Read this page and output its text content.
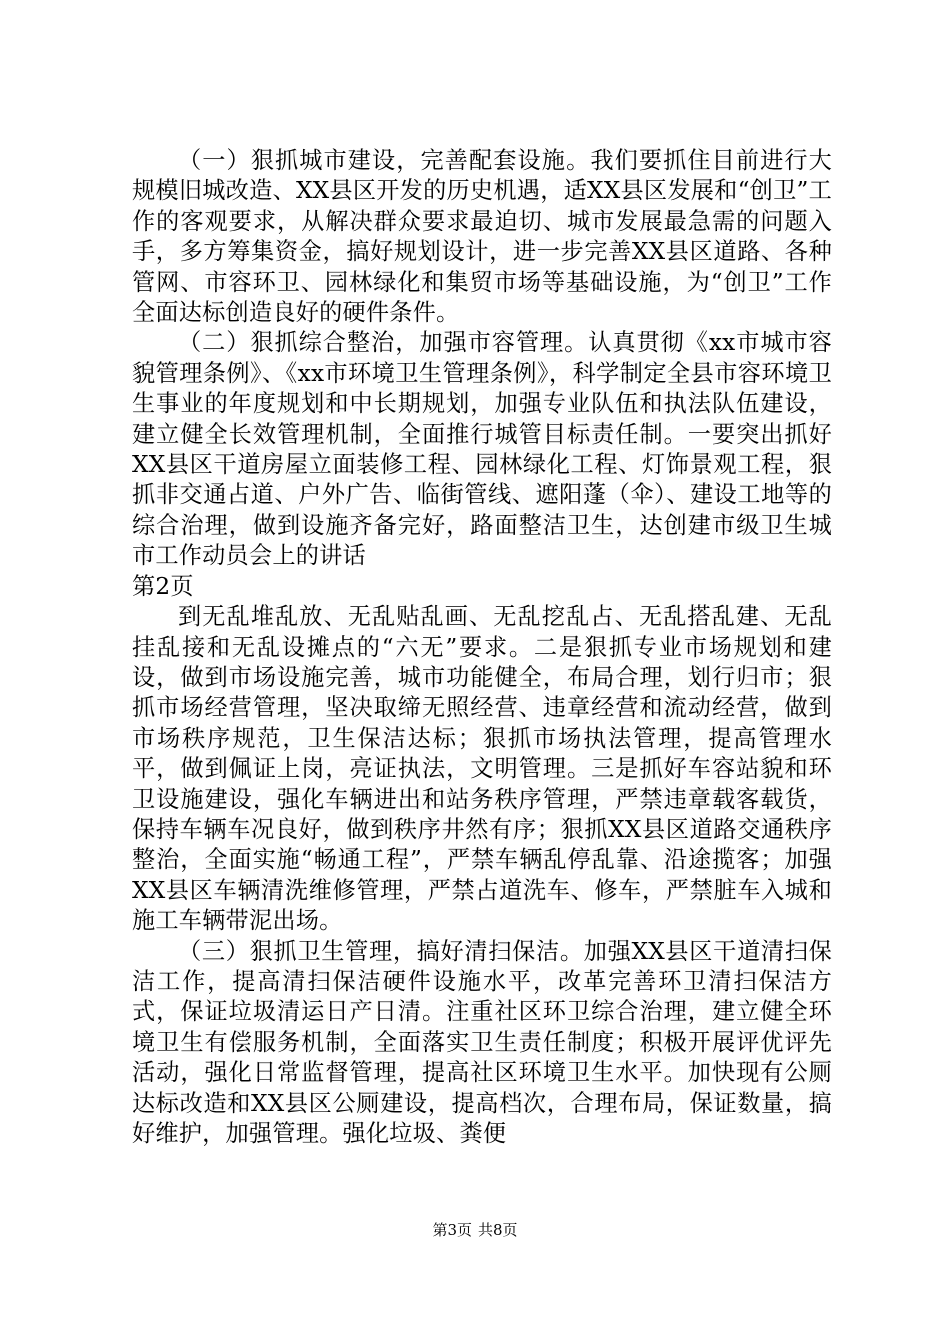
（一）狠抓城市建设，完善配套设施。我们要抓住目前进行大规模旧城改造、XX县区开发的历史机遇，适XX县区发展和“创卫”工作的客观要求，从解决群众要求最迫切、城市发展最急需的问题入手，多方筹集资金，搞好规划设计，进一步完善XX县区道路、各种管网、市容环卫、园林绿化和集贸市场等基础设施，为“创卫”工作全面达标创造良好的硬件条件。

（二）狠抓综合整治，加强市容管理。认真贯彻《xx市城市容貌管理条例》、《xx市环境卫生管理条例》，科学制定全县市容环境卫生事业的年度规划和中长期规划，加强专业队伍和执法队伍建设，建立健全长效管理机制，全面推行城管目标责任制。一要突出抓好XX县区干道房屋立面装修工程、园林绿化工程、灯饰景观工程，狠抓非交通占道、户外广告、临街管线、遮阳蓬（伞）、建设工地等的综合治理，做到设施齐备完好，路面整洁卫生，达创建市级卫生城市工作动员会上的讲话

第2页

到无乱堆乱放、无乱贴乱画、无乱挖乱占、无乱搭乱建、无乱挂乱接和无乱设摊点的“六无”要求。二是狠抓专业市场规划和建设，做到市场设施完善，城市功能健全，布局合理，划行归市；狠抓市场经营管理，坚决取缔无照经营、违章经营和流动经营，做到市场秩序规范，卫生保洁达标；狠抓市场执法管理，提高管理水平，做到佩证上岗，亮证执法，文明管理。三是抓好车容站貌和环卫设施建设，强化车辆进出和站务秩序管理，严禁违章载客载货，保持车辆车况良好，做到秩序井然有序；狠抓XX县区道路交通秩序整治，全面实施“畅通工程”，严禁车辆乱停乱靠、沿途揽客；加强XX县区车辆清洗维修管理，严禁占道洗车、修车，严禁脏车入城和施工车辆带泥出场。

（三）狠抓卫生管理，搞好清扫保洁。加强XX县区干道清扫保洁工作，提高清扫保洁硬件设施水平，改革完善环卫清扫保洁方式，保证垃圾清运日产日清。注重社区环卫综合治理，建立健全环境卫生有偿服务机制，全面落实卫生责任制度；积极开展评优评先活动，强化日常监督管理，提高社区环境卫生水平。加快现有公厕达标改造和XX县区公厕建设，提高档次，合理布局，保证数量，搞好维护，加强管理。强化垃圾、粪便

第3页 共8页
